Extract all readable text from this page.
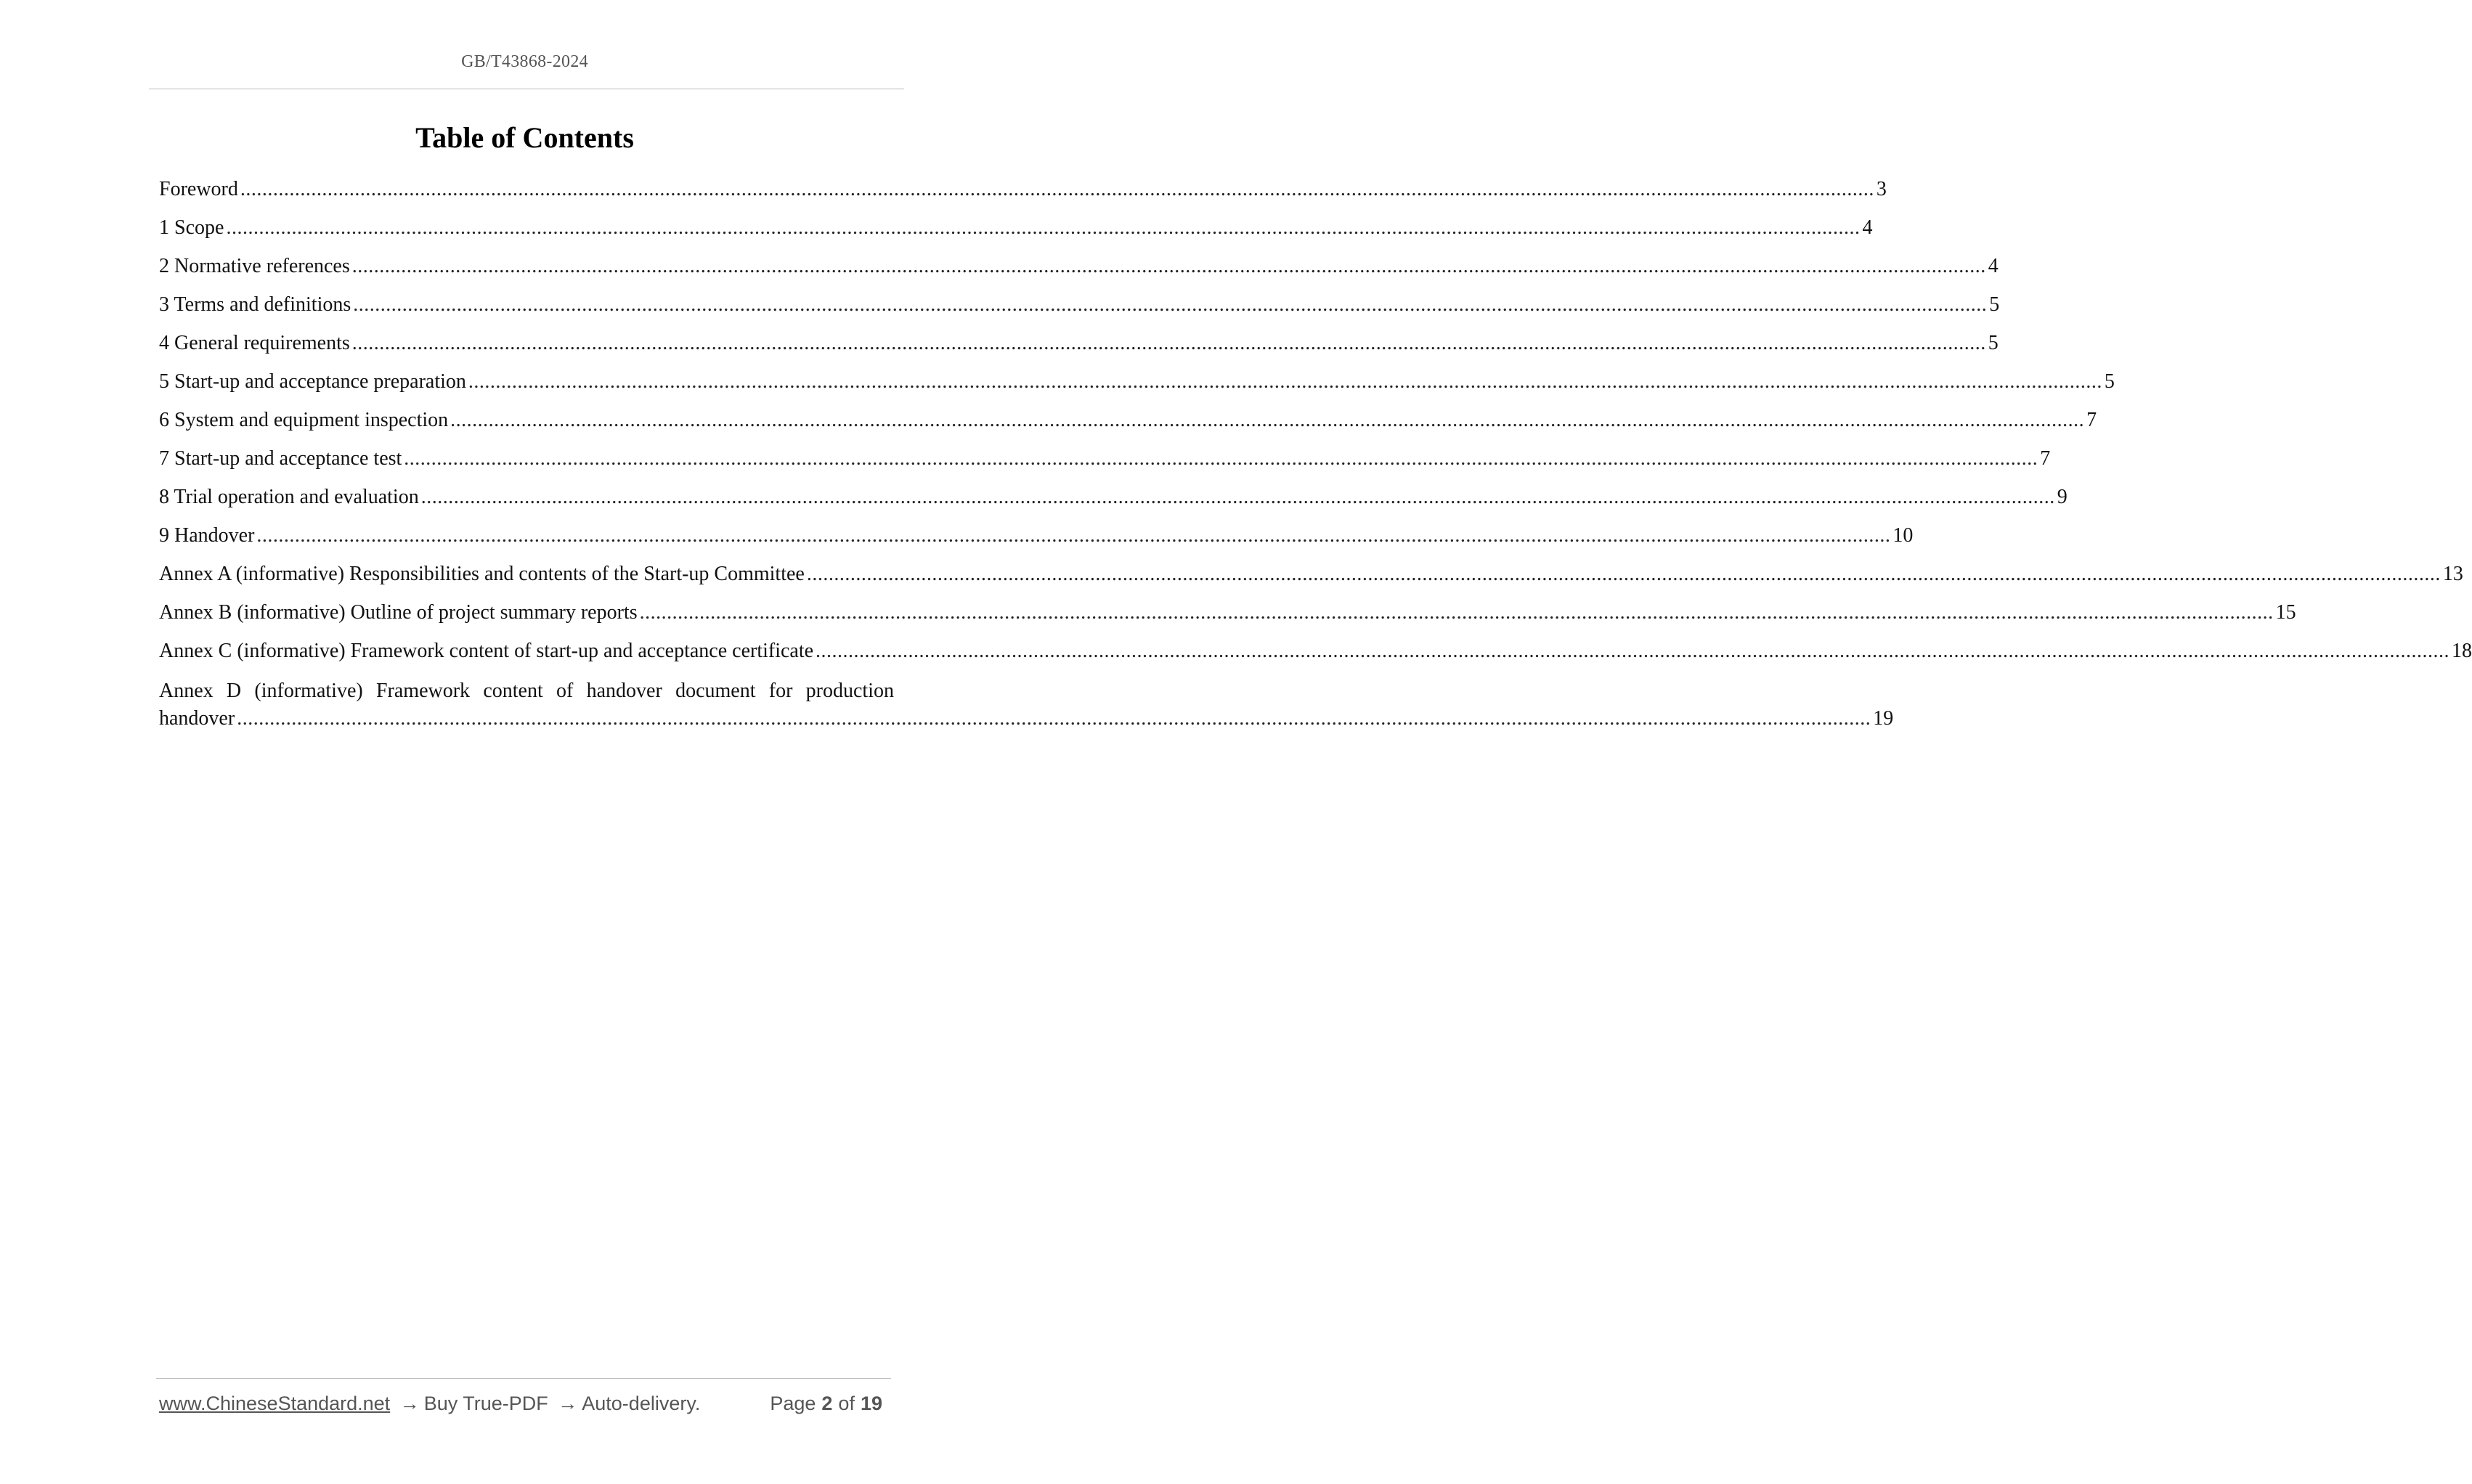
GB/T43868-2024
Table of Contents
Foreword ............................................................................................................................................................................................................................................................................................................ 3
1 Scope ............................................................................................................................................................................................................................................................................................................ 4
2 Normative references ............................................................................................................................................................................................................................................................................................................ 4
3 Terms and definitions ............................................................................................................................................................................................................................................................................................................ 5
4 General requirements ............................................................................................................................................................................................................................................................................................................ 5
5 Start-up and acceptance preparation ............................................................................................................................................................................................................................................................................................................ 5
6 System and equipment inspection ............................................................................................................................................................................................................................................................................................................ 7
7 Start-up and acceptance test ............................................................................................................................................................................................................................................................................................................ 7
8 Trial operation and evaluation ............................................................................................................................................................................................................................................................................................................ 9
9 Handover ............................................................................................................................................................................................................................................................................................................ 10
Annex A (informative) Responsibilities and contents of the Start-up Committee ............................................................................................................................................................................................................................................................................................................ 13
Annex B (informative) Outline of project summary reports ............................................................................................................................................................................................................................................................................................................ 15
Annex C (informative) Framework content of start-up and acceptance certificate ............................................................................................................................................................................................................................................................................................................ 18
Annex D (informative) Framework content of handover document for production
handover ............................................................................................................................................................................................................................................................................................................ 19
www.ChineseStandard.net → Buy True-PDF → Auto-delivery.	Page 2 of 19
